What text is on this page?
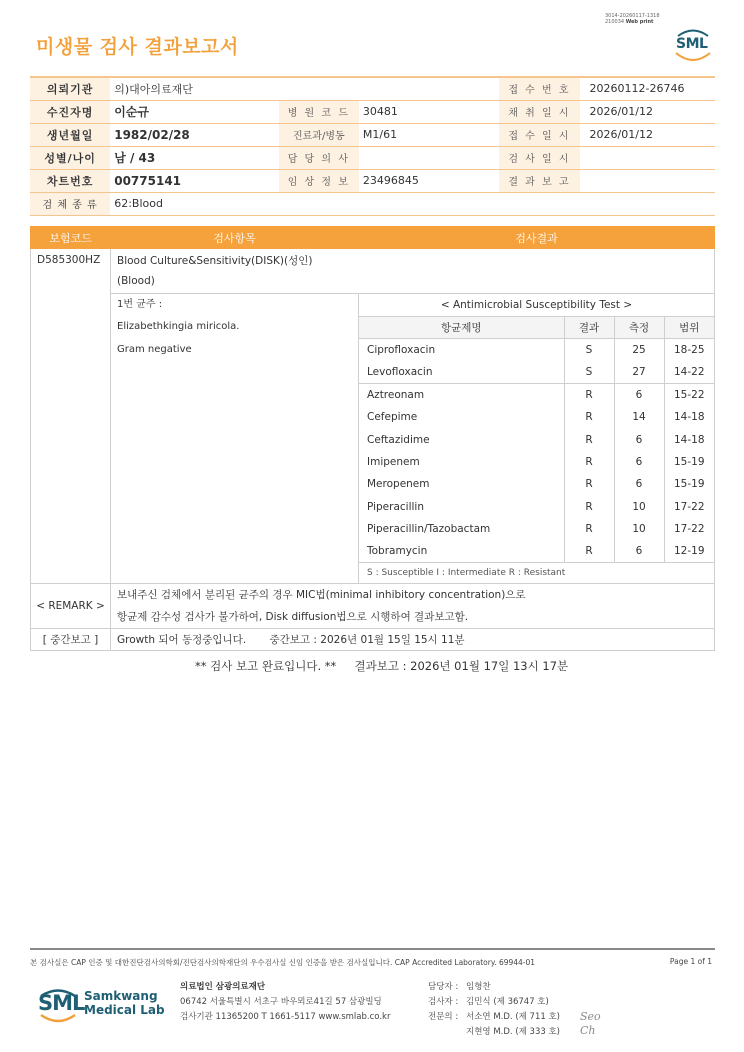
3014-20260117-1318
210034 Web print
미생물 검사 결과보고서	SML
의뢰기관	의)대아의료재단			접 수 번 호	20260112-26746
수진자명	이순규	병 원 코 드	30481	채 취 일 시	2026/01/12
생년월일	1982/02/28	진료과/병동	M1/61	접 수 일 시	2026/01/12
성별/나이	남 / 43	담 당 의 사		검 사 일 시	
차트번호	00775141	임 상 정 보	23496845	결 과 보 고	
검 체 종 류	62:Blood				
보험코드	검사항목	검사결과
D585300HZ	Blood Culture&Sensitivity(DISK)(성인)
(Blood)

1번 균주 :
Elizabethkingia miricola.
Gram negative

< Antimicrobial Susceptibility Test >
항균제명	결과	측정	범위
Ciprofloxacin	S	25	18-25
Levofloxacin	S	27	14-22
Aztreonam	R	6	15-22
Cefepime	R	14	14-18
Ceftazidime	R	6	14-18
Imipenem	R	6	15-19
Meropenem	R	6	15-19
Piperacillin	R	10	17-22
Piperacillin/Tazobactam	R	10	17-22
Tobramycin	R	6	12-19
S : Susceptible I : Intermediate R : Resistant

< REMARK >	
보내주신 검체에서 분리된 균주의 경우 MIC법(minimal inhibitory concentration)으로
항균제 감수성 검사가 불가하여, Disk diffusion법으로 시행하여 결과보고함.

[ 중간보고 ]	Growth 되어 동정중입니다.       중간보고 : 2026년 01월 15일 15시 11분
** 검사 보고 완료입니다. **     결과보고 : 2026년 01월 17일 13시 17분
본 검사실은 CAP 인증 및 대한진단검사의학회/진단검사의학재단의 우수검사실 신임 인증을 받은 검사실입니다. CAP Accredited Laboratory. 69944-01	Page 1 of 1
SML Samkwang
Medical Lab
의료법인 삼광의료재단
06742 서울특별시 서초구 바우뫼로41길 57 삼광빌딩
검사기관 11365200 T 1661-5117 www.smlab.co.kr
담당자 : 임형찬
검사자 : 김민식 (제 36747 호)
전문의 : 서소연 M.D. (제 711 호)
지현영 M.D. (제 333 호)
Seo
Ch
